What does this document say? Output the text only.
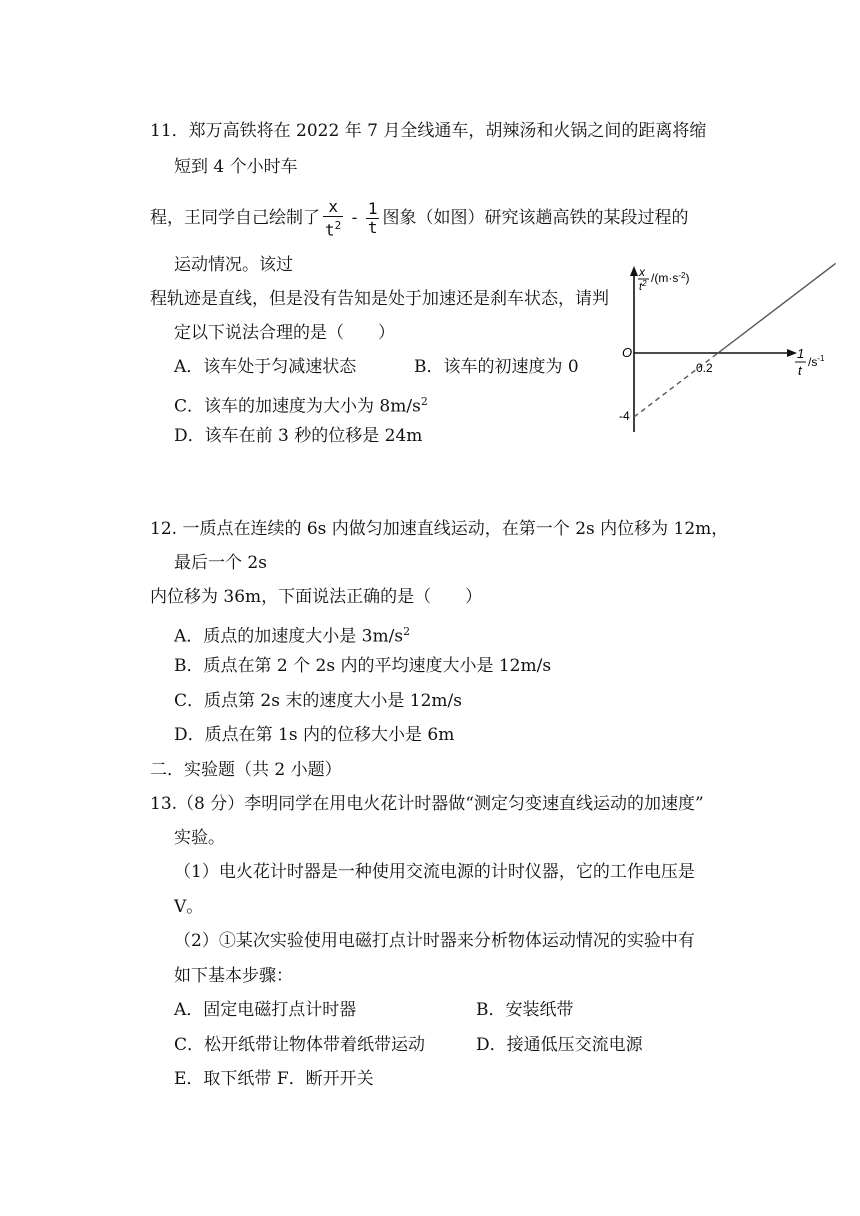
11．郑万高铁将在 2022 年 7 月全线通车，胡辣汤和火锅之间的距离将缩
短到 4 个小时车
程，王同学自己绘制了 $\frac{x}{t^2} - \frac{1}{t}$ 图象（如图）研究该趟高铁的某段过程的
运动情况。该过
程轨迹是直线，但是没有告知是处于加速还是刹车状态，请判
定以下说法合理的是（　　）
A．该车处于匀减速状态	B．该车的初速度为 0
C．该车的加速度为大小为 $8m/s^2$
D．该车在前 3 秒的位移是 24m
x
$t^2$ $/(m\cdot s^{-2})$
1
t
$/s^{-1}$
O
0.2
-4
12. 一质点在连续的 6s 内做匀加速直线运动，在第一个 2s 内位移为 12m，
最后一个 2s
内位移为 36m，下面说法正确的是（　　）
A．质点的加速度大小是 $3m/s^2$
B．质点在第 2 个 2s 内的平均速度大小是 12m/s
C．质点第 2s 末的速度大小是 12m/s
D．质点在第 1s 内的位移大小是 6m
二．实验题（共 2 小题）
13.（8 分）李明同学在用电火花计时器做“测定匀变速直线运动的加速度”
实验。
（1）电火花计时器是一种使用交流电源的计时仪器，它的工作电压是
V。
（2）①某次实验使用电磁打点计时器来分析物体运动情况的实验中有
如下基本步骤：
A．固定电磁打点计时器	B．安装纸带
C．松开纸带让物体带着纸带运动	D．接通低压交流电源
E．取下纸带 F．断开开关
